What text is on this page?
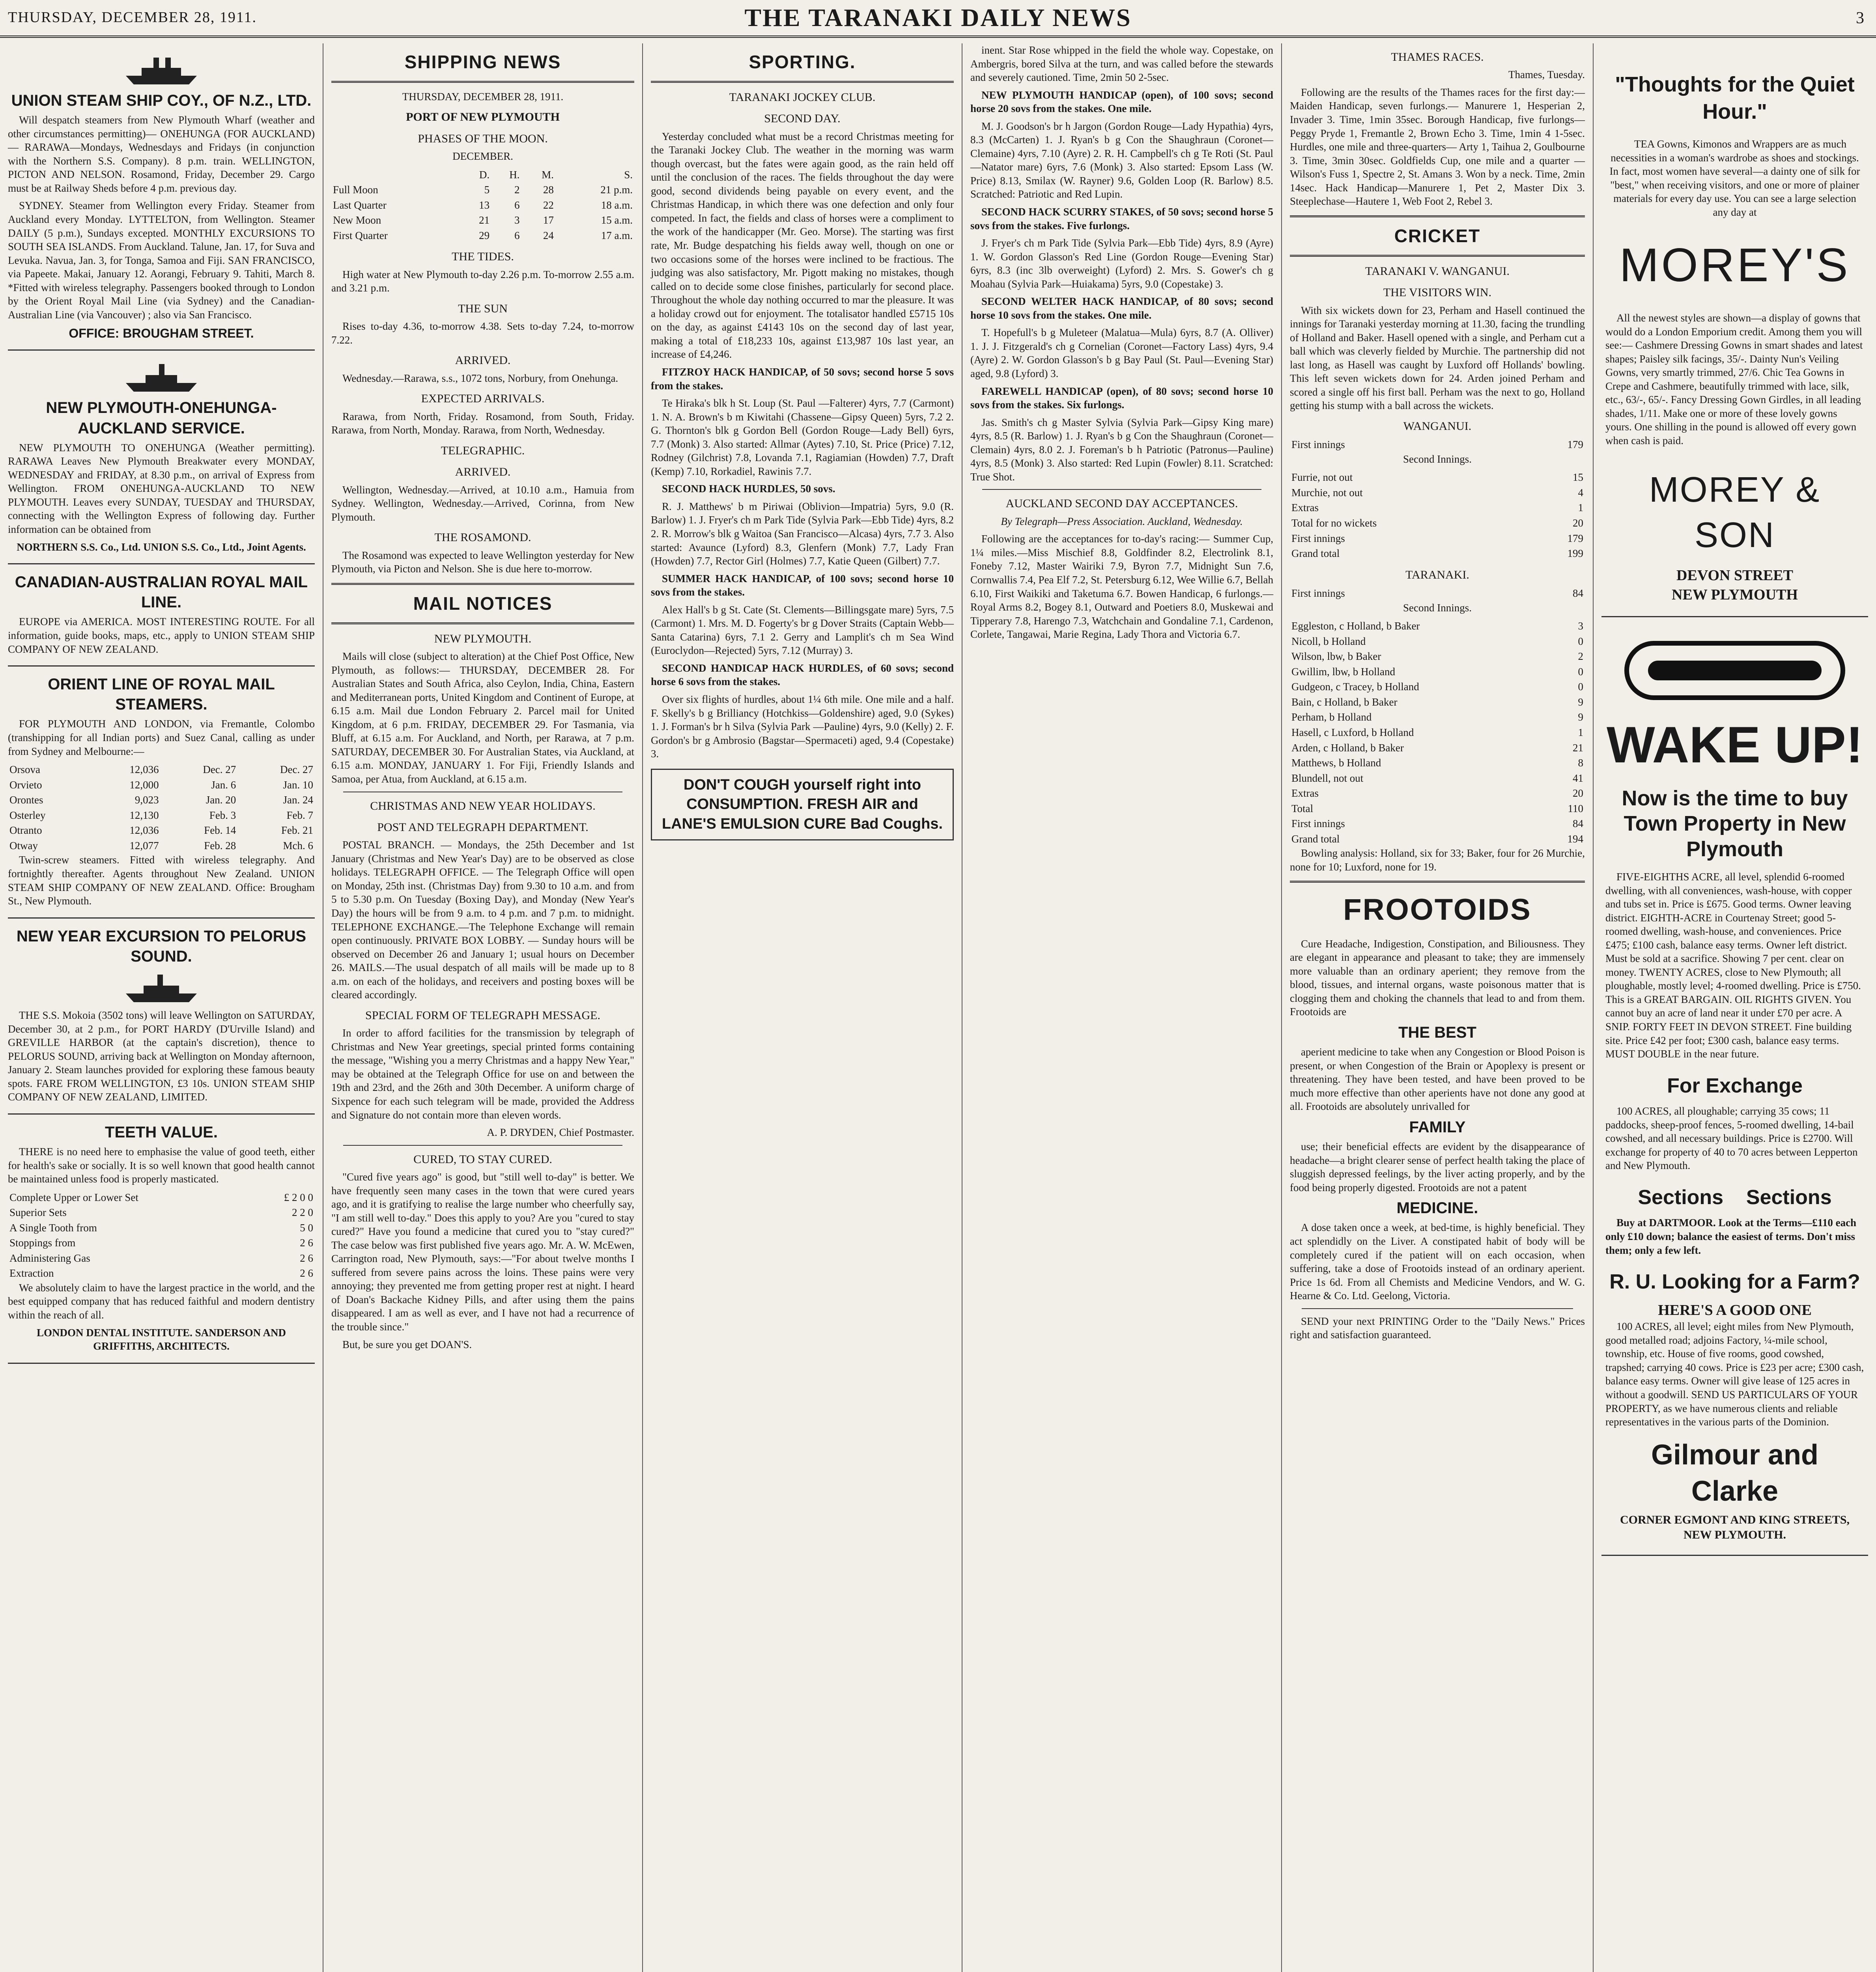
THURSDAY, DECEMBER 28, 1911.	THE TARANAKI DAILY NEWS	3
UNION STEAM SHIP COY., OF N.Z., LTD.

Will despatch steamers from New Plymouth Wharf (weather and other circumstances permitting)— ONEHUNGA (FOR AUCKLAND)— RARAWA—Mondays, Wednesdays and Fridays (in conjunction with the Northern S.S. Company). 8 p.m. train. WELLINGTON, PICTON AND NELSON. Rosamond, Friday, December 29. Cargo must be at Railway Sheds before 4 p.m. previous day.

SYDNEY. Steamer from Wellington every Friday. Steamer from Auckland every Monday. LYTTELTON, from Wellington. Steamer DAILY (5 p.m.), Sundays excepted. MONTHLY EXCURSIONS TO SOUTH SEA ISLANDS. From Auckland. Talune, Jan. 17, for Suva and Levuka. Navua, Jan. 3, for Tonga, Samoa and Fiji. SAN FRANCISCO, via Papeete. Makai, January 12. Aorangi, February 9. Tahiti, March 8. *Fitted with wireless telegraphy. Passengers booked through to London by the Orient Royal Mail Line (via Sydney) and the Canadian-Australian Line (via Vancouver) ; also via San Francisco.

OFFICE: BROUGHAM STREET.
NEW PLYMOUTH-ONEHUNGA-AUCKLAND SERVICE.

NEW PLYMOUTH TO ONEHUNGA (Weather permitting). RARAWA Leaves New Plymouth Breakwater every MONDAY, WEDNESDAY and FRIDAY, at 8.30 p.m., on arrival of Express from Wellington. FROM ONEHUNGA-AUCKLAND TO NEW PLYMOUTH. Leaves every SUNDAY, TUESDAY and THURSDAY, connecting with the Wellington Express of following day. Further information can be obtained from

NORTHERN S.S. Co., Ltd. UNION S.S. Co., Ltd., Joint Agents.

CANADIAN-AUSTRALIAN ROYAL MAIL LINE.

EUROPE via AMERICA. MOST INTERESTING ROUTE. For all information, guide books, maps, etc., apply to UNION STEAM SHIP COMPANY OF NEW ZEALAND.

ORIENT LINE OF ROYAL MAIL STEAMERS.

FOR PLYMOUTH AND LONDON, via Fremantle, Colombo (transhipping for all Indian ports) and Suez Canal, calling as under from Sydney and Melbourne:—

Orsova	12,036	Dec. 27	Dec. 27
Orvieto	12,000	Jan. 6	Jan. 10
Orontes	9,023	Jan. 20	Jan. 24
Osterley	12,130	Feb. 3	Feb. 7
Otranto	12,036	Feb. 14	Feb. 21
Otway	12,077	Feb. 28	Mch. 6

Twin-screw steamers. Fitted with wireless telegraphy. And fortnightly thereafter. Agents throughout New Zealand. UNION STEAM SHIP COMPANY OF NEW ZEALAND. Office: Brougham St., New Plymouth.

NEW YEAR EXCURSION TO PELORUS SOUND.

THE S.S. Mokoia (3502 tons) will leave Wellington on SATURDAY, December 30, at 2 p.m., for PORT HARDY (D'Urville Island) and GREVILLE HARBOR (at the captain's discretion), thence to PELORUS SOUND, arriving back at Wellington on Monday afternoon, January 2. Steam launches provided for exploring these famous beauty spots. FARE FROM WELLINGTON, £3 10s. UNION STEAM SHIP COMPANY OF NEW ZEALAND, LIMITED.

TEETH VALUE.

THERE is no need here to emphasise the value of good teeth, either for health's sake or socially. It is so well known that good health cannot be maintained unless food is properly masticated.

Complete Upper or Lower Set	£ 2 0 0
Superior Sets	2 2 0
A Single Tooth from	5 0
Stoppings from	2 6
Administering Gas	2 6
Extraction	2 6

We absolutely claim to have the largest practice in the world, and the best equipped company that has reduced faithful and modern dentistry within the reach of all.

LONDON DENTAL INSTITUTE. SANDERSON AND GRIFFITHS, ARCHITECTS.

SHIPPING NEWS

THURSDAY, DECEMBER 28, 1911.

PORT OF NEW PLYMOUTH
PHASES OF THE MOON.

DECEMBER.

	D.	H.	M.	S.
Full Moon	5	2	28	21 p.m.
Last Quarter	13	6	22	18 a.m.
New Moon	21	3	17	15 a.m.
First Quarter	29	6	24	17 a.m.
THE TIDES.

High water at New Plymouth to-day 2.26 p.m. To-morrow 2.55 a.m. and 3.21 p.m.

THE SUN

Rises to-day 4.36, to-morrow 4.38. Sets to-day 7.24, to-morrow 7.22.

ARRIVED.

Wednesday.—Rarawa, s.s., 1072 tons, Norbury, from Onehunga.

EXPECTED ARRIVALS.

Rarawa, from North, Friday. Rosamond, from South, Friday. Rarawa, from North, Monday. Rarawa, from North, Wednesday.

TELEGRAPHIC.
ARRIVED.

Wellington, Wednesday.—Arrived, at 10.10 a.m., Hamuia from Sydney. Wellington, Wednesday.—Arrived, Corinna, from New Plymouth.

THE ROSAMOND.

The Rosamond was expected to leave Wellington yesterday for New Plymouth, via Picton and Nelson. She is due here to-morrow.

MAIL NOTICES
NEW PLYMOUTH.

Mails will close (subject to alteration) at the Chief Post Office, New Plymouth, as follows:— THURSDAY, DECEMBER 28. For Australian States and South Africa, also Ceylon, India, China, Eastern and Mediterranean ports, United Kingdom and Continent of Europe, at 6.15 a.m. Mail due London February 2. Parcel mail for United Kingdom, at 6 p.m. FRIDAY, DECEMBER 29. For Tasmania, via Bluff, at 6.15 a.m. For Auckland, and North, per Rarawa, at 7 p.m. SATURDAY, DECEMBER 30. For Australian States, via Auckland, at 6.15 a.m. MONDAY, JANUARY 1. For Fiji, Friendly Islands and Samoa, per Atua, from Auckland, at 6.15 a.m.

CHRISTMAS AND NEW YEAR HOLIDAYS.
POST AND TELEGRAPH DEPARTMENT.

POSTAL BRANCH. — Mondays, the 25th December and 1st January (Christmas and New Year's Day) are to be observed as close holidays. TELEGRAPH OFFICE. — The Telegraph Office will open on Monday, 25th inst. (Christmas Day) from 9.30 to 10 a.m. and from 5 to 5.30 p.m. On Tuesday (Boxing Day), and Monday (New Year's Day) the hours will be from 9 a.m. to 4 p.m. and 7 p.m. to midnight. TELEPHONE EXCHANGE.—The Telephone Exchange will remain open continuously. PRIVATE BOX LOBBY. — Sunday hours will be observed on December 26 and January 1; usual hours on December 26. MAILS.—The usual despatch of all mails will be made up to 8 a.m. on each of the holidays, and receivers and posting boxes will be cleared accordingly.

SPECIAL FORM OF TELEGRAPH MESSAGE.

In order to afford facilities for the transmission by telegraph of Christmas and New Year greetings, special printed forms containing the message, "Wishing you a merry Christmas and a happy New Year," may be obtained at the Telegraph Office for use on and between the 19th and 23rd, and the 26th and 30th December. A uniform charge of Sixpence for each such telegram will be made, provided the Address and Signature do not contain more than eleven words.

A. P. DRYDEN, Chief Postmaster.

CURED, TO STAY CURED.

"Cured five years ago" is good, but "still well to-day" is better. We have frequently seen many cases in the town that were cured years ago, and it is gratifying to realise the large number who cheerfully say, "I am still well to-day." Does this apply to you? Are you "cured to stay cured?" Have you found a medicine that cured you to "stay cured?" The case below was first published five years ago. Mr. A. W. McEwen, Carrington road, New Plymouth, says:—"For about twelve months I suffered from severe pains across the loins. These pains were very annoying; they prevented me from getting proper rest at night. I heard of Doan's Backache Kidney Pills, and after using them the pains disappeared. I am as well as ever, and I have not had a recurrence of the trouble since."

But, be sure you get DOAN'S.

SPORTING.
TARANAKI JOCKEY CLUB.
SECOND DAY.

Yesterday concluded what must be a record Christmas meeting for the Taranaki Jockey Club. The weather in the morning was warm though overcast, but the fates were again good, as the rain held off until the conclusion of the races. The fields throughout the day were good, second dividends being payable on every event, and the Christmas Handicap, in which there was one defection and only four competed. In fact, the fields and class of horses were a compliment to the work of the handicapper (Mr. Geo. Morse). The starting was first rate, Mr. Budge despatching his fields away well, though on one or two occasions some of the horses were inclined to be fractious. The judging was also satisfactory, Mr. Pigott making no mistakes, though called on to decide some close finishes, particularly for second place. Throughout the whole day nothing occurred to mar the pleasure. It was a holiday crowd out for enjoyment. The totalisator handled £5715 10s on the day, as against £4143 10s on the second day of last year, making a total of £18,233 10s, against £13,987 10s last year, an increase of £4,246.

FITZROY HACK HANDICAP, of 50 sovs; second horse 5 sovs from the stakes.

Te Hiraka's blk h St. Loup (St. Paul —Falterer) 4yrs, 7.7 (Carmont) 1. N. A. Brown's b m Kiwitahi (Chassene—Gipsy Queen) 5yrs, 7.2 2. G. Thornton's blk g Gordon Bell (Gordon Rouge—Lady Bell) 6yrs, 7.7 (Monk) 3. Also started: Allmar (Aytes) 7.10, St. Price (Price) 7.12, Rodney (Gilchrist) 7.8, Lovanda 7.1, Ragiamian (Howden) 7.7, Draft (Kemp) 7.10, Rorkadiel, Rawinis 7.7.

SECOND HACK HURDLES, 50 sovs.

R. J. Matthews' b m Piriwai (Oblivion—Impatria) 5yrs, 9.0 (R. Barlow) 1. J. Fryer's ch m Park Tide (Sylvia Park—Ebb Tide) 4yrs, 8.2 2. R. Morrow's blk g Waitoa (San Francisco—Alcasa) 4yrs, 7.7 3. Also started: Avaunce (Lyford) 8.3, Glenfern (Monk) 7.7, Lady Fran (Howden) 7.7, Rector Girl (Holmes) 7.7, Katie Queen (Gilbert) 7.7.

SUMMER HACK HANDICAP, of 100 sovs; second horse 10 sovs from the stakes.

Alex Hall's b g St. Cate (St. Clements—Billingsgate mare) 5yrs, 7.5 (Carmont) 1. Mrs. M. D. Fogerty's br g Dover Straits (Captain Webb—Santa Catarina) 6yrs, 7.1 2. Gerry and Lamplit's ch m Sea Wind (Euroclydon—Rejected) 5yrs, 7.12 (Murray) 3.

SECOND HANDICAP HACK HURDLES, of 60 sovs; second horse 6 sovs from the stakes.

Over six flights of hurdles, about 1¼ 6th mile. One mile and a half. F. Skelly's b g Brilliancy (Hotchkiss—Goldenshire) aged, 9.0 (Sykes) 1. J. Forman's br h Silva (Sylvia Park —Pauline) 4yrs, 9.0 (Kelly) 2. F. Gordon's br g Ambrosio (Bagstar—Spermaceti) aged, 9.4 (Copestake) 3.

DON'T COUGH yourself right into CONSUMPTION. FRESH AIR and LANE'S EMULSION CURE Bad Coughs.

inent. Star Rose whipped in the field the whole way. Copestake, on Ambergris, bored Silva at the turn, and was called before the stewards and severely cautioned. Time, 2min 50 2-5sec.

NEW PLYMOUTH HANDICAP (open), of 100 sovs; second horse 20 sovs from the stakes. One mile.

M. J. Goodson's br h Jargon (Gordon Rouge—Lady Hypathia) 4yrs, 8.3 (McCarten) 1. J. Ryan's b g Con the Shaughraun (Coronet—Clemaine) 4yrs, 7.10 (Ayre) 2. R. H. Campbell's ch g Te Roti (St. Paul—Natator mare) 6yrs, 7.6 (Monk) 3. Also started: Epsom Lass (W. Price) 8.13, Smilax (W. Rayner) 9.6, Golden Loop (R. Barlow) 8.5. Scratched: Patriotic and Red Lupin.

SECOND HACK SCURRY STAKES, of 50 sovs; second horse 5 sovs from the stakes. Five furlongs.

J. Fryer's ch m Park Tide (Sylvia Park—Ebb Tide) 4yrs, 8.9 (Ayre) 1. W. Gordon Glasson's Red Line (Gordon Rouge—Evening Star) 6yrs, 8.3 (inc 3lb overweight) (Lyford) 2. Mrs. S. Gower's ch g Moahau (Sylvia Park—Huiakama) 5yrs, 9.0 (Copestake) 3.

SECOND WELTER HACK HANDICAP, of 80 sovs; second horse 10 sovs from the stakes. One mile.

T. Hopefull's b g Muleteer (Malatua—Mula) 6yrs, 8.7 (A. Olliver) 1. J. J. Fitzgerald's ch g Cornelian (Coronet—Factory Lass) 4yrs, 9.4 (Ayre) 2. W. Gordon Glasson's b g Bay Paul (St. Paul—Evening Star) aged, 9.8 (Lyford) 3.

FAREWELL HANDICAP (open), of 80 sovs; second horse 10 sovs from the stakes. Six furlongs.

Jas. Smith's ch g Master Sylvia (Sylvia Park—Gipsy King mare) 4yrs, 8.5 (R. Barlow) 1. J. Ryan's b g Con the Shaughraun (Coronet—Clemain) 4yrs, 8.0 2. J. Foreman's b h Patriotic (Patronus—Pauline) 4yrs, 8.5 (Monk) 3. Also started: Red Lupin (Fowler) 8.11. Scratched: True Shot.

AUCKLAND SECOND DAY ACCEPTANCES.

By Telegraph—Press Association. Auckland, Wednesday.

Following are the acceptances for to-day's racing:— Summer Cup, 1¼ miles.—Miss Mischief 8.8, Goldfinder 8.2, Electrolink 8.1, Foneby 7.12, Master Wairiki 7.9, Byron 7.7, Midnight Sun 7.6, Cornwallis 7.4, Pea Elf 7.2, St. Petersburg 6.12, Wee Willie 6.7, Bellah 6.10, First Waikiki and Taketuma 6.7. Bowen Handicap, 6 furlongs.—Royal Arms 8.2, Bogey 8.1, Outward and Poetiers 8.0, Muskewai and Tipperary 7.8, Harengo 7.3, Watchchain and Gondaline 7.1, Cardenon, Corlete, Tangawai, Marie Regina, Lady Thora and Victoria 6.7.

THAMES RACES.

Thames, Tuesday.

Following are the results of the Thames races for the first day:— Maiden Handicap, seven furlongs.— Manurere 1, Hesperian 2, Invader 3. Time, 1min 35sec. Borough Handicap, five furlongs— Peggy Pryde 1, Fremantle 2, Brown Echo 3. Time, 1min 4 1-5sec. Hurdles, one mile and three-quarters— Arty 1, Taihua 2, Goulbourne 3. Time, 3min 30sec. Goldfields Cup, one mile and a quarter —Wilson's Fuss 1, Spectre 2, St. Amans 3. Won by a neck. Time, 2min 14sec. Hack Handicap—Manurere 1, Pet 2, Master Dix 3. Steeplechase—Hautere 1, Web Foot 2, Rebel 3.

CRICKET
TARANAKI V. WANGANUI.
THE VISITORS WIN.

With six wickets down for 23, Perham and Hasell continued the innings for Taranaki yesterday morning at 11.30, facing the trundling of Holland and Baker. Hasell opened with a single, and Perham cut a ball which was cleverly fielded by Murchie. The partnership did not last long, as Hasell was caught by Luxford off Hollands' bowling. This left seven wickets down for 24. Arden joined Perham and scored a single off his first ball. Perham was the next to go, Holland getting his stump with a ball across the wickets.

WANGANUI.
First innings	179

Second Innings.

Furrie, not out	15
Murchie, not out	4
Extras	1
Total for no wickets	20
First innings	179
Grand total	199
TARANAKI.
First innings	84

Second Innings.

Eggleston, c Holland, b Baker	3
Nicoll, b Holland	0
Wilson, lbw, b Baker	2
Gwillim, lbw, b Holland	0
Gudgeon, c Tracey, b Holland	0
Bain, c Holland, b Baker	9
Perham, b Holland	9
Hasell, c Luxford, b Holland	1
Arden, c Holland, b Baker	21
Matthews, b Holland	8
Blundell, not out	41
Extras	20
Total	110
First innings	84
Grand total	194

Bowling analysis: Holland, six for 33; Baker, four for 26 Murchie, none for 10; Luxford, none for 19.

FROOTOIDS

Cure Headache, Indigestion, Constipation, and Biliousness. They are elegant in appearance and pleasant to take; they are immensely more valuable than an ordinary aperient; they remove from the blood, tissues, and internal organs, waste poisonous matter that is clogging them and choking the channels that lead to and from them. Frootoids are

THE BEST

aperient medicine to take when any Congestion or Blood Poison is present, or when Congestion of the Brain or Apoplexy is present or threatening. They have been tested, and have been proved to be much more effective than other aperients have not done any good at all. Frootoids are absolutely unrivalled for

FAMILY

use; their beneficial effects are evident by the disappearance of headache—a bright clearer sense of perfect health taking the place of sluggish depressed feelings, by the liver acting properly, and by the food being properly digested. Frootoids are not a patent

MEDICINE.

A dose taken once a week, at bed-time, is highly beneficial. They act splendidly on the Liver. A constipated habit of body will be completely cured if the patient will on each occasion, when suffering, take a dose of Frootoids instead of an ordinary aperient. Price 1s 6d. From all Chemists and Medicine Vendors, and W. G. Hearne & Co. Ltd. Geelong, Victoria.

SEND your next PRINTING Order to the "Daily News." Prices right and satisfaction guaranteed.

"Thoughts for the Quiet Hour."

TEA Gowns, Kimonos and Wrappers are as much necessities in a woman's wardrobe as shoes and stockings. In fact, most women have several—a dainty one of silk for "best," when receiving visitors, and one or more of plainer materials for every day use. You can see a large selection any day at

MOREY'S

All the newest styles are shown—a display of gowns that would do a London Emporium credit. Among them you will see:— Cashmere Dressing Gowns in smart shades and latest shapes; Paisley silk facings, 35/-. Dainty Nun's Veiling Gowns, very smartly trimmed, 27/6. Chic Tea Gowns in Crepe and Cashmere, beautifully trimmed with lace, silk, etc., 63/-, 65/-. Fancy Dressing Gown Girdles, in all leading shades, 1/11. Make one or more of these lovely gowns yours. One shilling in the pound is allowed off every gown when cash is paid.

MOREY & SON
DEVON STREET
NEW PLYMOUTH
WAKE UP!
Now is the time to buy Town Property in New Plymouth

FIVE-EIGHTHS ACRE, all level, splendid 6-roomed dwelling, with all conveniences, wash-house, with copper and tubs set in. Price is £675. Good terms. Owner leaving district. EIGHTH-ACRE in Courtenay Street; good 5-roomed dwelling, wash-house, and conveniences. Price £475; £100 cash, balance easy terms. Owner left district. Must be sold at a sacrifice. Showing 7 per cent. clear on money. TWENTY ACRES, close to New Plymouth; all ploughable, mostly level; 4-roomed dwelling. Price is £750. This is a GREAT BARGAIN. OIL RIGHTS GIVEN. You cannot buy an acre of land near it under £70 per acre. A SNIP. FORTY FEET IN DEVON STREET. Fine building site. Price £42 per foot; £300 cash, balance easy terms. MUST DOUBLE in the near future.

For Exchange

100 ACRES, all ploughable; carrying 35 cows; 11 paddocks, sheep-proof fences, 5-roomed dwelling, 14-bail cowshed, and all necessary buildings. Price is £2700. Will exchange for property of 40 to 70 acres between Lepperton and New Plymouth.

Sections    Sections

Buy at DARTMOOR. Look at the Terms—£110 each only £10 down; balance the easiest of terms. Don't miss them; only a few left.

R. U. Looking for a Farm?
HERE'S A GOOD ONE

100 ACRES, all level; eight miles from New Plymouth, good metalled road; adjoins Factory, ¼-mile school, township, etc. House of five rooms, good cowshed, trapshed; carrying 40 cows. Price is £23 per acre; £300 cash, balance easy terms. Owner will give lease of 125 acres in without a goodwill. SEND US PARTICULARS OF YOUR PROPERTY, as we have numerous clients and reliable representatives in the various parts of the Dominion.

Gilmour and Clarke
CORNER EGMONT AND KING STREETS, NEW PLYMOUTH.
